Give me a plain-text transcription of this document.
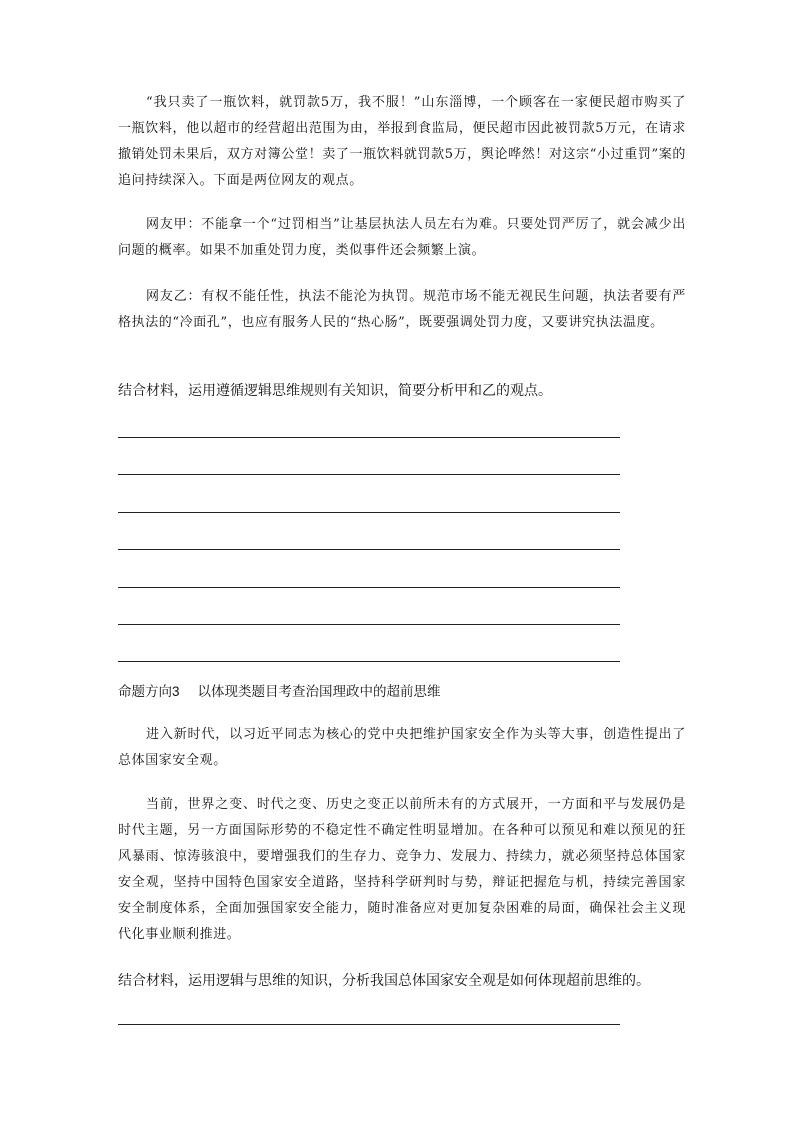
“我只卖了一瓶饮料，就罚款5万，我不服！”山东淄博，一个顾客在一家便民超市购买了一瓶饮料，他以超市的经营超出范围为由，举报到食监局，便民超市因此被罚款5万元，在请求撤销处罚未果后，双方对簿公堂！卖了一瓶饮料就罚款5万，舆论哗然！对这宗“小过重罚”案的追问持续深入。下面是两位网友的观点。

网友甲：不能拿一个“过罚相当”让基层执法人员左右为难。只要处罚严厉了，就会减少出问题的概率。如果不加重处罚力度，类似事件还会频繁上演。

网友乙：有权不能任性，执法不能沦为执罚。规范市场不能无视民生问题，执法者要有严格执法的“冷面孔”，也应有服务人民的“热心肠”，既要强调处罚力度，又要讲究执法温度。

结合材料，运用遵循逻辑思维规则有关知识，简要分析甲和乙的观点。

命题方向3 以体现类题目考查治国理政中的超前思维

进入新时代，以习近平同志为核心的党中央把维护国家安全作为头等大事，创造性提出了总体国家安全观。

当前，世界之变、时代之变、历史之变正以前所未有的方式展开，一方面和平与发展仍是时代主题，另一方面国际形势的不稳定性不确定性明显增加。在各种可以预见和难以预见的狂风暴雨、惊涛骇浪中，要增强我们的生存力、竞争力、发展力、持续力，就必须坚持总体国家安全观，坚持中国特色国家安全道路，坚持科学研判时与势，辩证把握危与机，持续完善国家安全制度体系，全面加强国家安全能力，随时准备应对更加复杂困难的局面，确保社会主义现代化事业顺利推进。

结合材料，运用逻辑与思维的知识，分析我国总体国家安全观是如何体现超前思维的。
